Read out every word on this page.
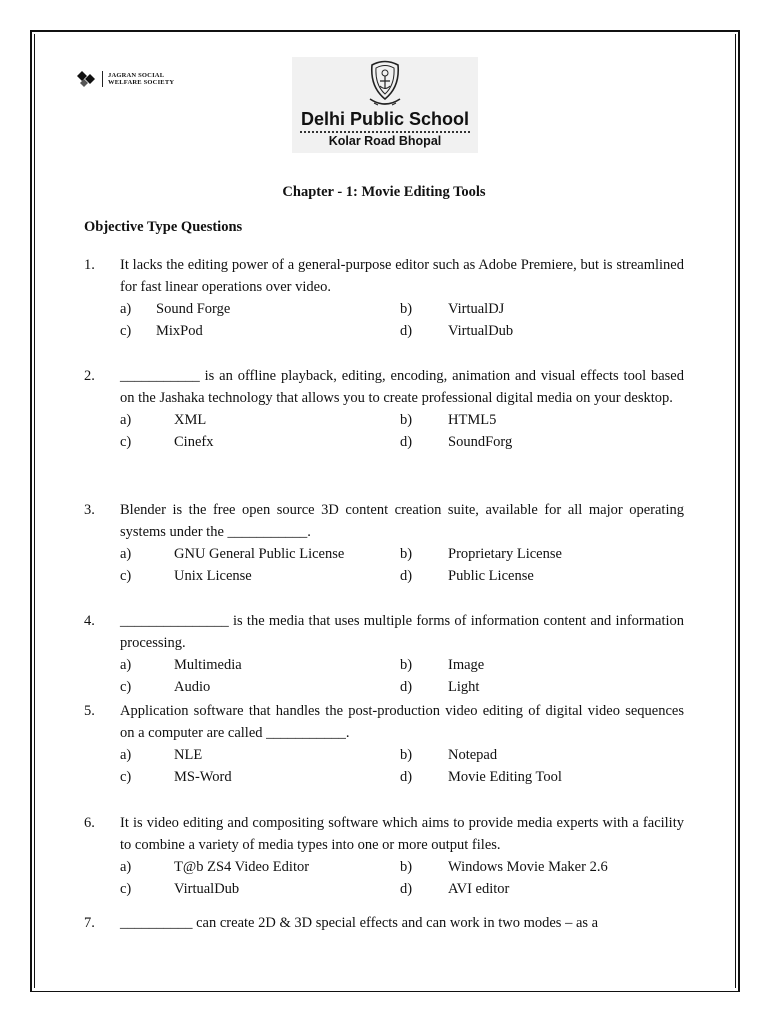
JAGRAN SOCIAL
WELFARE SOCIETY
Delhi Public School
Kolar Road Bhopal
Chapter - 1: Movie Editing Tools
Objective Type Questions
1.	It lacks the editing power of a general-purpose editor such as Adobe Premiere, but is streamlined for fast linear operations over video.
a)	Sound Forge	b)	VirtualDJ
c)	MixPod	d)	VirtualDub
2.	___________ is an offline playback, editing, encoding, animation and visual effects tool based on the Jashaka technology that allows you to create professional digital media on your desktop.
a)	XML	b)	HTML5
c)	Cinefx	d)	SoundForg
3.	Blender is the free open source 3D content creation suite, available for all major operating systems under the ___________.
a)	GNU General Public License	b)	Proprietary License
c)	Unix License	d)	Public License
4.	_______________ is the media that uses multiple forms of information content and information processing.
a)	Multimedia	b)	Image
c)	Audio	d)	Light
5.	Application software that handles the post-production video editing of digital video sequences on a computer are called ___________.
a)	NLE	b)	Notepad
c)	MS-Word	d)	Movie Editing Tool
6.	It is video editing and compositing software which aims to provide media experts with a facility to combine a variety of media types into one or more output files.
a)	T@b ZS4 Video Editor	b)	Windows Movie Maker 2.6
c)	VirtualDub	d)	AVI editor
7.	__________ can create 2D & 3D special effects and can work in two modes – as a
